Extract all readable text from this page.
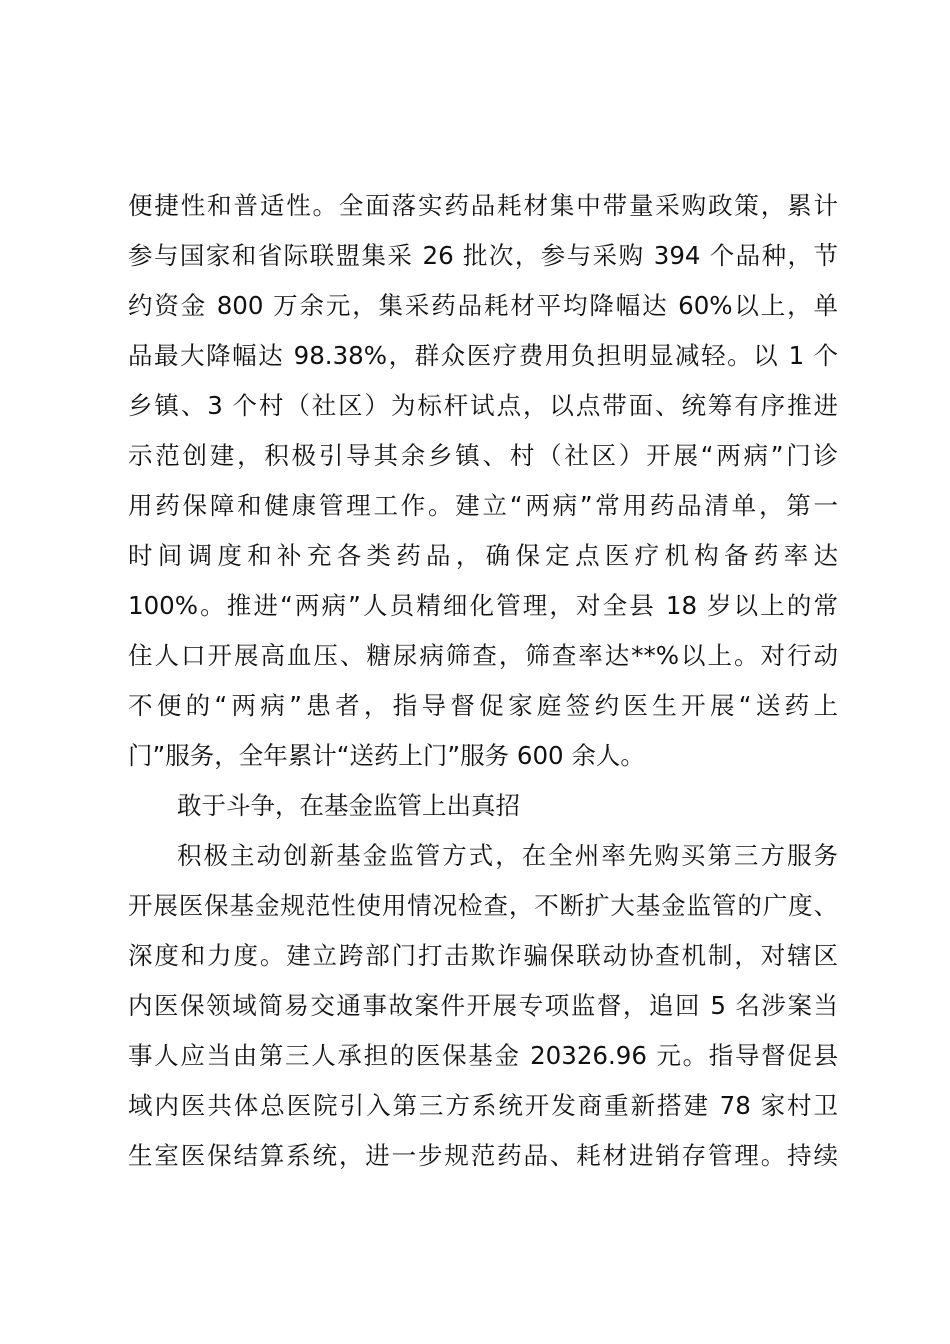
便捷性和普适性。全面落实药品耗材集中带量采购政策，累计
参与国家和省际联盟集采 26 批次，参与采购 394 个品种，节
约资金 800 万余元，集采药品耗材平均降幅达 60%以上，单
品最大降幅达 98.38%，群众医疗费用负担明显减轻。以 1 个
乡镇、3 个村（社区）为标杆试点，以点带面、统筹有序推进
示范创建，积极引导其余乡镇、村（社区）开展“两病”门诊
用药保障和健康管理工作。建立“两病”常用药品清单，第一
时间调度和补充各类药品，确保定点医疗机构备药率达
100%。推进“两病”人员精细化管理，对全县 18 岁以上的常
住人口开展高血压、糖尿病筛查，筛查率达**%以上。对行动
不便的“两病”患者，指导督促家庭签约医生开展“送药上
门”服务，全年累计“送药上门”服务 600 余人。
敢于斗争，在基金监管上出真招
积极主动创新基金监管方式，在全州率先购买第三方服务
开展医保基金规范性使用情况检查，不断扩大基金监管的广度、
深度和力度。建立跨部门打击欺诈骗保联动协查机制，对辖区
内医保领域简易交通事故案件开展专项监督，追回 5 名涉案当
事人应当由第三人承担的医保基金 20326.96 元。指导督促县
域内医共体总医院引入第三方系统开发商重新搭建 78 家村卫
生室医保结算系统，进一步规范药品、耗材进销存管理。持续
